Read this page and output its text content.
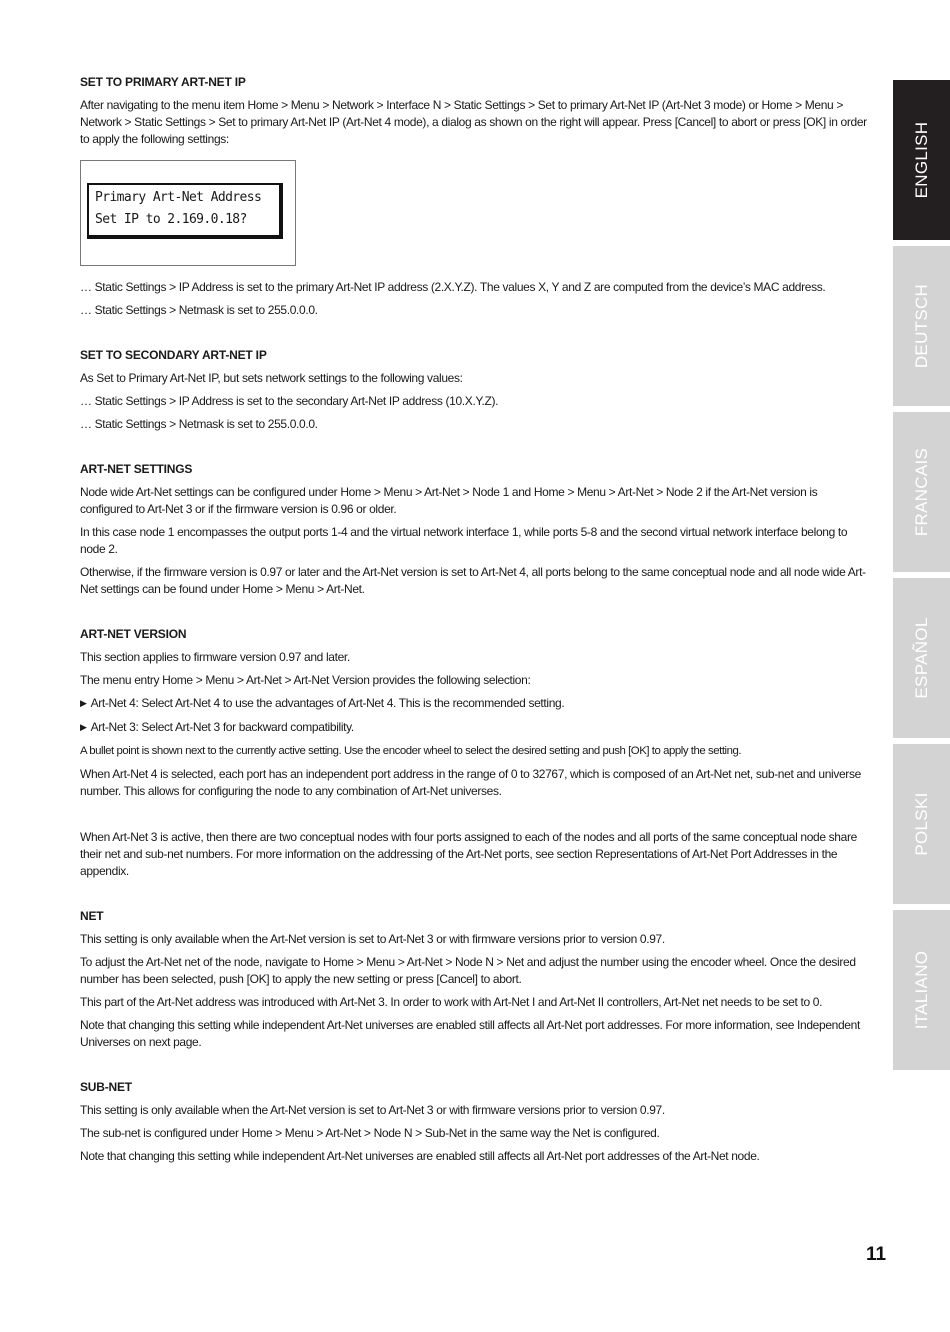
SET TO PRIMARY ART-NET IP

After navigating to the menu item Home > Menu > Network > Interface N > Static Settings > Set to primary Art-Net IP (Art-Net 3 mode) or Home > Menu > Network > Static Settings > Set to primary Art-Net IP (Art-Net 4 mode), a dialog as shown on the right will appear. Press [Cancel] to abort or press [OK] in order to apply the following settings:

Primary Art-Net Address
Set IP to 2.169.0.18?

… Static Settings > IP Address is set to the primary Art-Net IP address (2.X.Y.Z). The values X, Y and Z are computed from the device’s MAC address.

… Static Settings > Netmask is set to 255.0.0.0.

SET TO SECONDARY ART-NET IP

As Set to Primary Art-Net IP, but sets network settings to the following values:

… Static Settings > IP Address is set to the secondary Art-Net IP address (10.X.Y.Z).

… Static Settings > Netmask is set to 255.0.0.0.

ART-NET SETTINGS

Node wide Art-Net settings can be configured under Home > Menu > Art-Net > Node 1 and Home > Menu > Art-Net > Node 2 if the Art-Net version is configured to Art-Net 3 or if the firmware version is 0.96 or older.

In this case node 1 encompasses the output ports 1-4 and the virtual network interface 1, while ports 5-8 and the second virtual network interface belong to node 2.

Otherwise, if the firmware version is 0.97 or later and the Art-Net version is set to Art-Net 4, all ports belong to the same conceptual node and all node wide Art-Net settings can be found under Home > Menu > Art-Net.

ART-NET VERSION

This section applies to firmware version 0.97 and later.

The menu entry Home > Menu > Art-Net > Art-Net Version provides the following selection:

▶ Art-Net 4: Select Art-Net 4 to use the advantages of Art-Net 4. This is the recommended setting.

▶ Art-Net 3: Select Art-Net 3 for backward compatibility.

A bullet point is shown next to the currently active setting. Use the encoder wheel to select the desired setting and push [OK] to apply the setting.

When Art-Net 4 is selected, each port has an independent port address in the range of 0 to 32767, which is composed of an Art-Net net, sub-net and universe number. This allows for configuring the node to any combination of Art-Net universes.

When Art-Net 3 is active, then there are two conceptual nodes with four ports assigned to each of the nodes and all ports of the same conceptual node share their net and sub-net numbers. For more information on the addressing of the Art-Net ports, see section Representations of Art-Net Port Addresses in the appendix.

NET

This setting is only available when the Art-Net version is set to Art-Net 3 or with firmware versions prior to version 0.97.

To adjust the Art-Net net of the node, navigate to Home > Menu > Art-Net > Node N > Net and adjust the number using the encoder wheel. Once the desired number has been selected, push [OK] to apply the new setting or press [Cancel] to abort.

This part of the Art-Net address was introduced with Art-Net 3. In order to work with Art-Net I and Art-Net II controllers, Art-Net net needs to be set to 0.

Note that changing this setting while independent Art-Net universes are enabled still affects all Art-Net port addresses. For more information, see Independent Universes on next page.

SUB-NET

This setting is only available when the Art-Net version is set to Art-Net 3 or with firmware versions prior to version 0.97.

The sub-net is configured under Home > Menu > Art-Net > Node N > Sub-Net in the same way the Net is configured.

Note that changing this setting while independent Art-Net universes are enabled still affects all Art-Net port addresses of the Art-Net node.

ENGLISH
DEUTSCH
FRANCAIS
ESPAÑOL
POLSKI
ITALIANO
11
